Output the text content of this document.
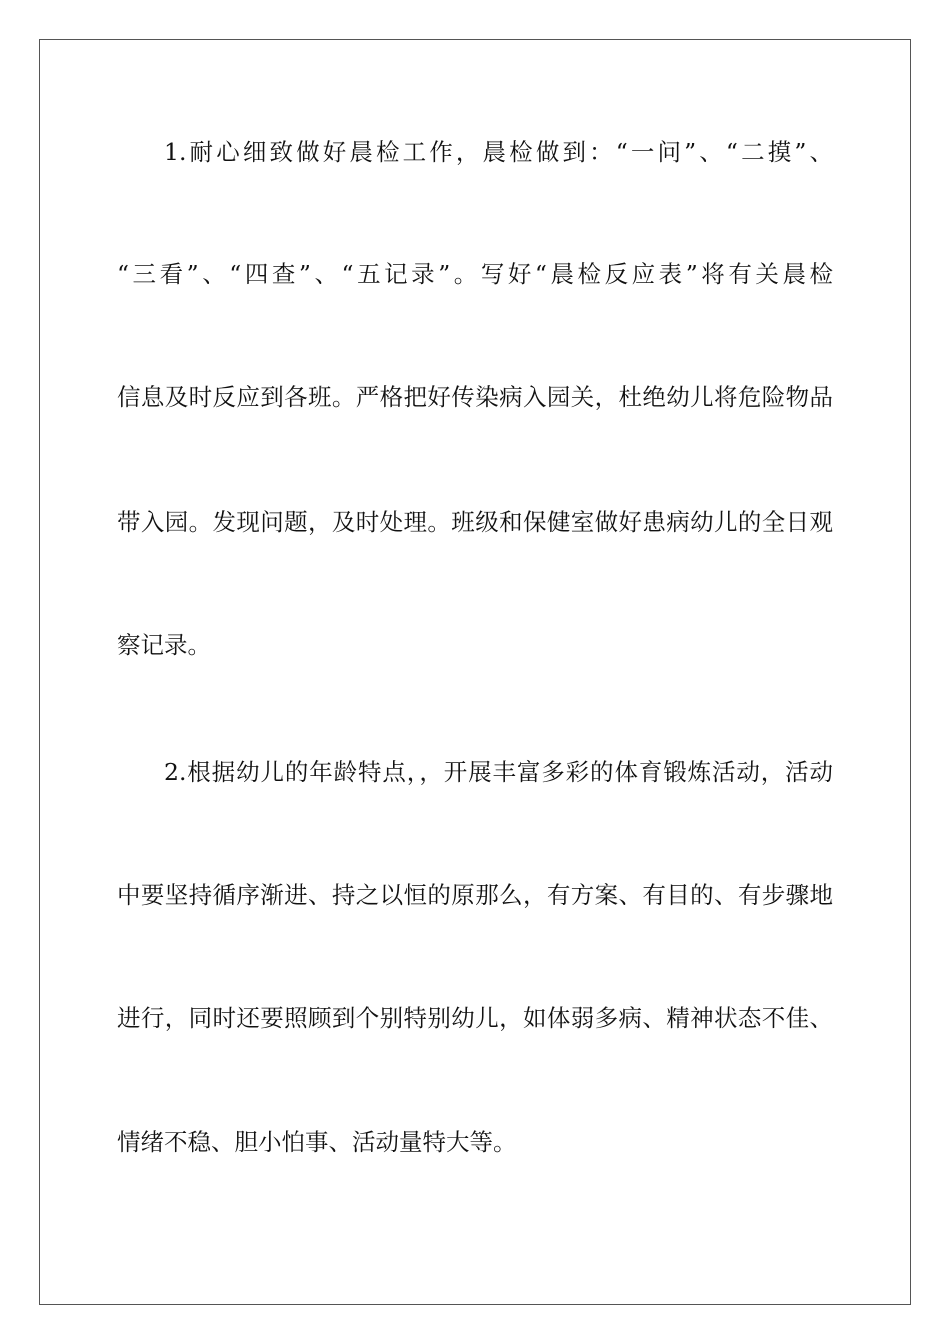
1.耐心细致做好晨检工作，晨检做到：“一问”、“二摸”、
“三看”、“四查”、“五记录”。写好“晨检反应表”将有关晨检
信息及时反应到各班。严格把好传染病入园关，杜绝幼儿将危险物品
带入园。发现问题，及时处理。班级和保健室做好患病幼儿的全日观
察记录。
2.根据幼儿的年龄特点，，开展丰富多彩的体育锻炼活动，活动
中要坚持循序渐进、持之以恒的原那么，有方案、有目的、有步骤地
进行，同时还要照顾到个别特别幼儿，如体弱多病、精神状态不佳、
情绪不稳、胆小怕事、活动量特大等。
